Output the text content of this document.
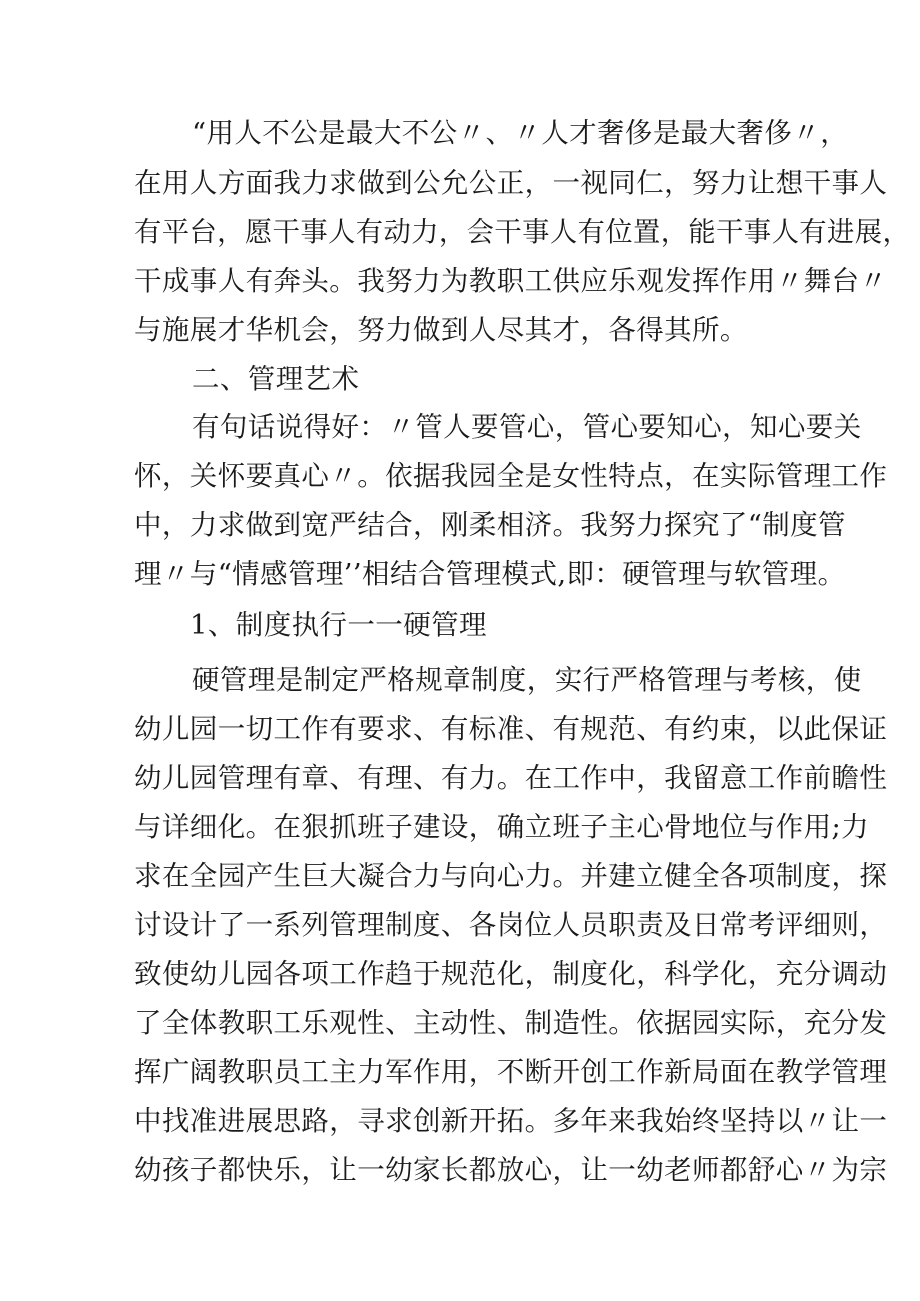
“用人不公是最大不公〃、〃人才奢侈是最大奢侈〃，
在用人方面我力求做到公允公正，一视同仁，努力让想干事人
有平台，愿干事人有动力，会干事人有位置，能干事人有进展，
干成事人有奔头。我努力为教职工供应乐观发挥作用〃舞台〃
与施展才华机会，努力做到人尽其才，各得其所。
二、管理艺术
有句话说得好：〃管人要管心，管心要知心，知心要关
怀，关怀要真心〃。依据我园全是女性特点，在实际管理工作
中，力求做到宽严结合，刚柔相济。我努力探究了“制度管
理〃与“情感管理’’相结合管理模式,即：硬管理与软管理。
1、制度执行一一硬管理
硬管理是制定严格规章制度，实行严格管理与考核，使
幼儿园一切工作有要求、有标准、有规范、有约束，以此保证
幼儿园管理有章、有理、有力。在工作中，我留意工作前瞻性
与详细化。在狠抓班子建设，确立班子主心骨地位与作用;力
求在全园产生巨大凝合力与向心力。并建立健全各项制度，探
讨设计了一系列管理制度、各岗位人员职责及日常考评细则，
致使幼儿园各项工作趋于规范化，制度化，科学化，充分调动
了全体教职工乐观性、主动性、制造性。依据园实际，充分发
挥广阔教职员工主力军作用，不断开创工作新局面在教学管理
中找准进展思路，寻求创新开拓。多年来我始终坚持以〃让一
幼孩子都快乐，让一幼家长都放心，让一幼老师都舒心〃为宗
